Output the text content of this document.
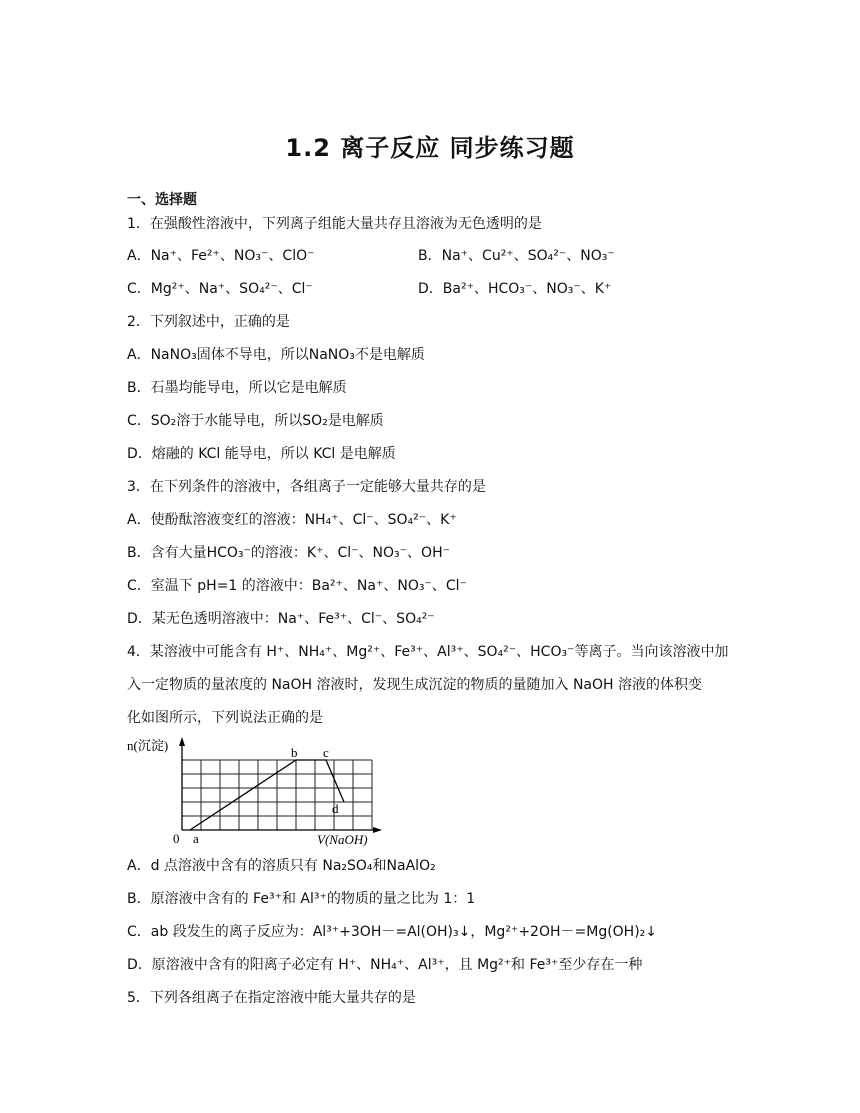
1.2 离子反应 同步练习题
一、选择题
1．在强酸性溶液中，下列离子组能大量共存且溶液为无色透明的是
A．Na⁺、Fe²⁺、NO₃⁻、ClO⁻	B．Na⁺、Cu²⁺、SO₄²⁻、NO₃⁻
C．Mg²⁺、Na⁺、SO₄²⁻、Cl⁻	D．Ba²⁺、HCO₃⁻、NO₃⁻、K⁺
2．下列叙述中，正确的是
A．NaNO₃固体不导电，所以NaNO₃不是电解质
B．石墨均能导电，所以它是电解质
C．SO₂溶于水能导电，所以SO₂是电解质
D．熔融的 KCl 能导电，所以 KCl 是电解质
3．在下列条件的溶液中，各组离子一定能够大量共存的是
A．使酚酞溶液变红的溶液：NH₄⁺、Cl⁻、SO₄²⁻、K⁺
B．含有大量HCO₃⁻的溶液：K⁺、Cl⁻、NO₃⁻、OH⁻
C．室温下 pH=1 的溶液中：Ba²⁺、Na⁺、NO₃⁻、Cl⁻
D．某无色透明溶液中：Na⁺、Fe³⁺、Cl⁻、SO₄²⁻
4．某溶液中可能含有 H⁺、NH₄⁺、Mg²⁺、Fe³⁺、Al³⁺、SO₄²⁻、HCO₃⁻等离子。当向该溶液中加
入一定物质的量浓度的 NaOH 溶液时，发现生成沉淀的物质的量随加入 NaOH 溶液的体积变
化如图所示，下列说法正确的是
n(沉淀)
0 a
b c
d
V(NaOH)
A．d 点溶液中含有的溶质只有 Na₂SO₄和NaAlO₂
B．原溶液中含有的 Fe³⁺和 Al³⁺的物质的量之比为 1：1
C．ab 段发生的离子反应为：Al³⁺+3OH－=Al(OH)₃↓，Mg²⁺+2OH－=Mg(OH)₂↓
D．原溶液中含有的阳离子必定有 H⁺、NH₄⁺、Al³⁺，且 Mg²⁺和 Fe³⁺至少存在一种
5．下列各组离子在指定溶液中能大量共存的是
